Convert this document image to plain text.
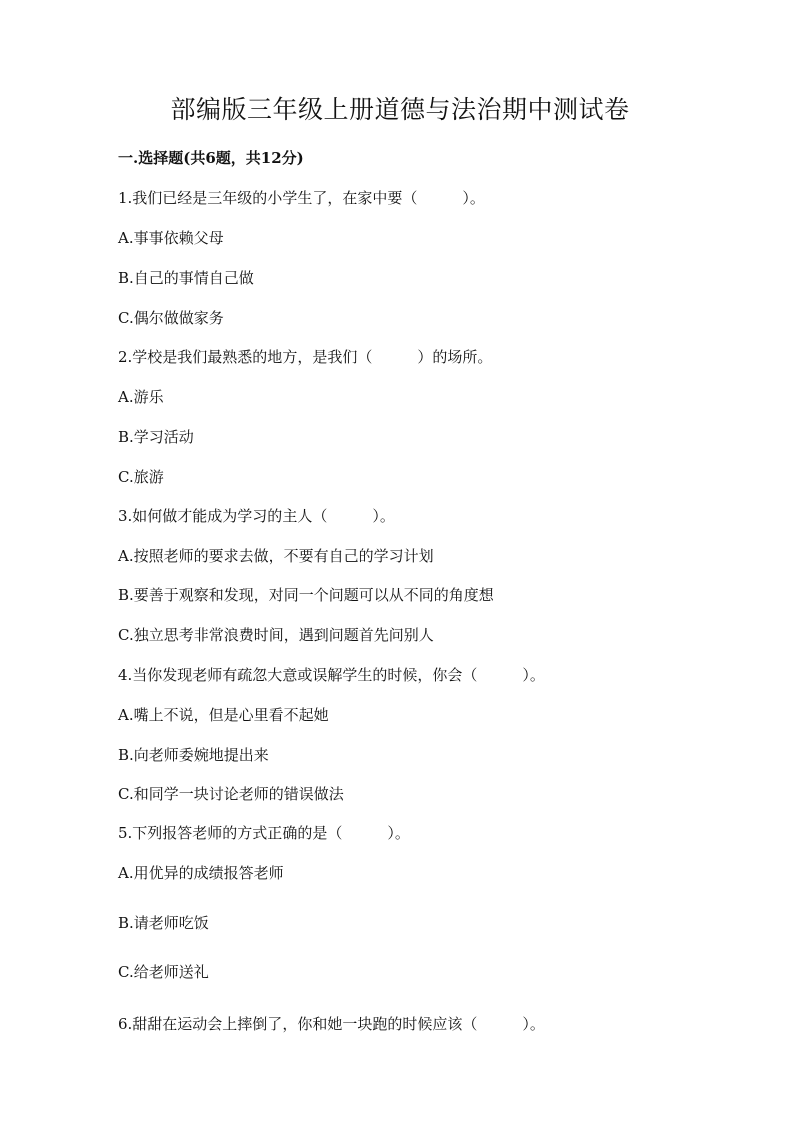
部编版三年级上册道德与法治期中测试卷
一.选择题(共6题，共12分)
1.我们已经是三年级的小学生了，在家中要（　　　）。
A.事事依赖父母
B.自己的事情自己做
C.偶尔做做家务
2.学校是我们最熟悉的地方，是我们（　　　）的场所。
A.游乐
B.学习活动
C.旅游
3.如何做才能成为学习的主人（　　　）。
A.按照老师的要求去做，不要有自己的学习计划
B.要善于观察和发现，对同一个问题可以从不同的角度想
C.独立思考非常浪费时间，遇到问题首先问别人
4.当你发现老师有疏忽大意或误解学生的时候，你会（　　　）。
A.嘴上不说，但是心里看不起她
B.向老师委婉地提出来
C.和同学一块讨论老师的错误做法
5.下列报答老师的方式正确的是（　　　）。
A.用优异的成绩报答老师
B.请老师吃饭
C.给老师送礼
6.甜甜在运动会上摔倒了，你和她一块跑的时候应该（　　　）。
